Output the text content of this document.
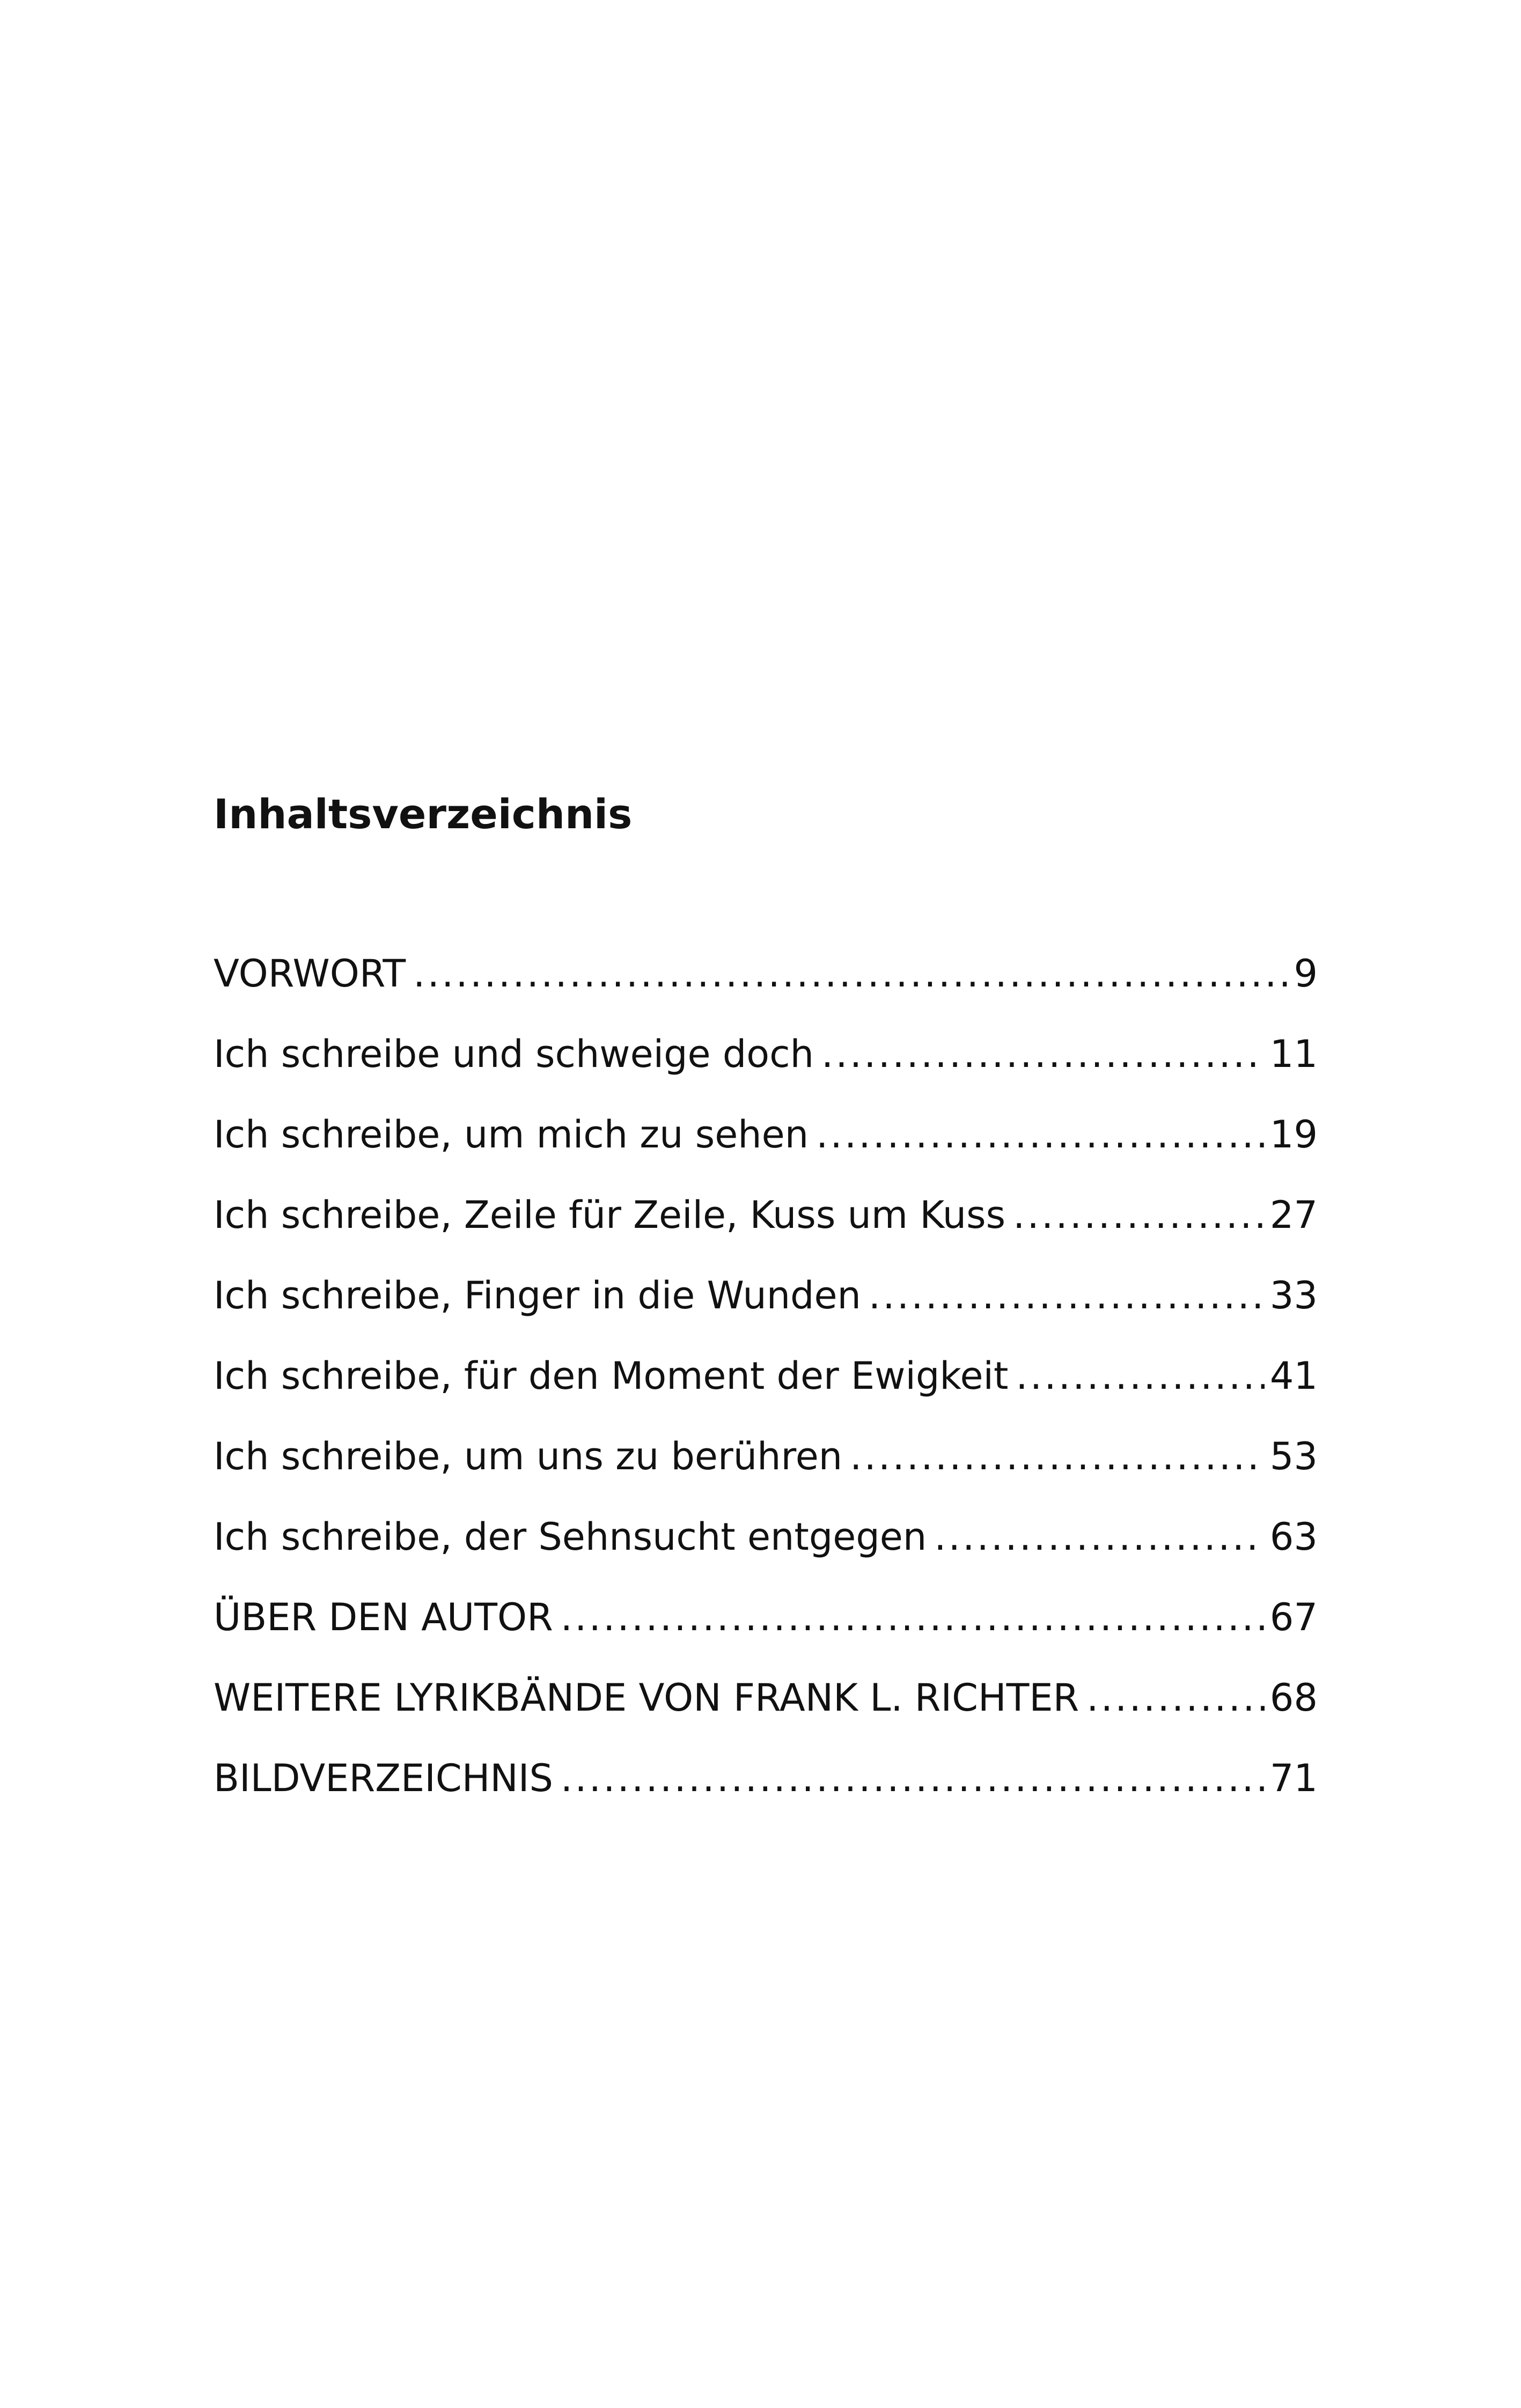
Inhaltsverzeichnis
VORWORT .....	9
Ich schreibe und schweige doch .....	11
Ich schreibe, um mich zu sehen .....	19
Ich schreibe, Zeile für Zeile, Kuss um Kuss .....	27
Ich schreibe, Finger in die Wunden .....	33
Ich schreibe, für den Moment der Ewigkeit .....	41
Ich schreibe, um uns zu berühren .....	53
Ich schreibe, der Sehnsucht entgegen .....	63
ÜBER DEN AUTOR .....	67
WEITERE LYRIKBÄNDE VON FRANK L. RICHTER .....	68
BILDVERZEICHNIS .....	71
